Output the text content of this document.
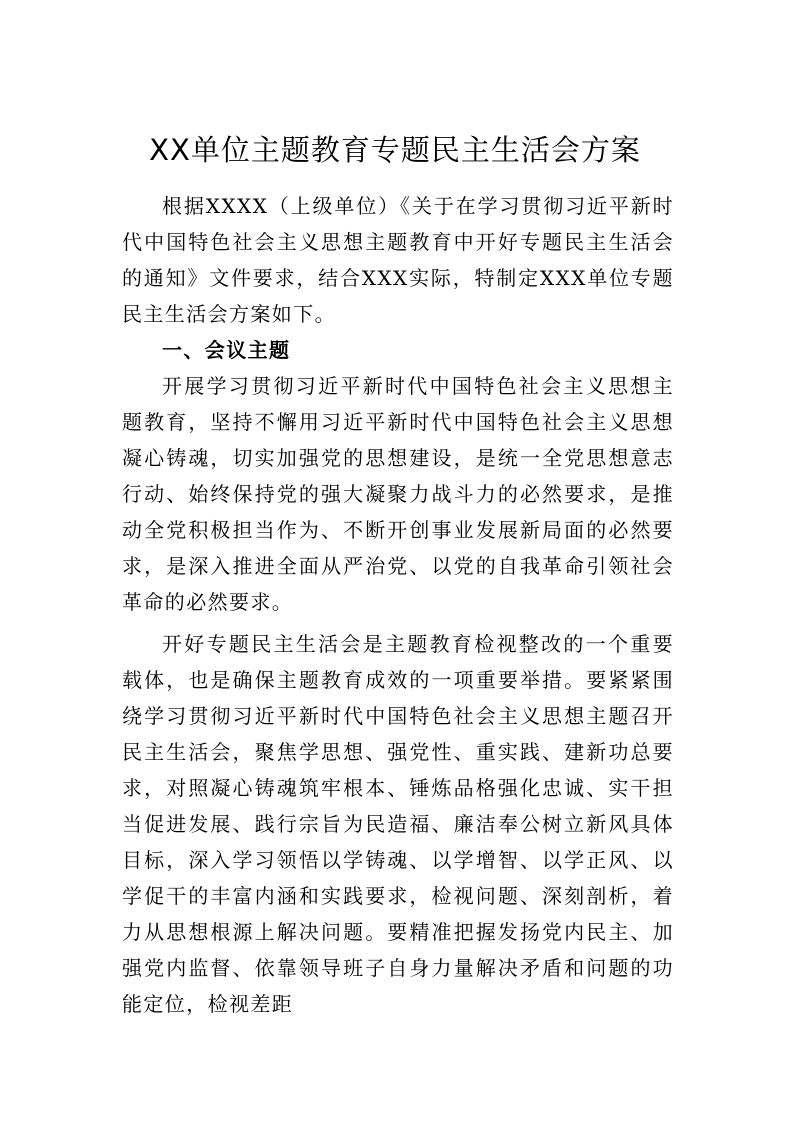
XX单位主题教育专题民主生活会方案

根据XXXX（上级单位）《关于在学习贯彻习近平新时代中国特色社会主义思想主题教育中开好专题民主生活会的通知》文件要求，结合XXX实际，特制定XXX单位专题民主生活会方案如下。

一、会议主题

开展学习贯彻习近平新时代中国特色社会主义思想主题教育，坚持不懈用习近平新时代中国特色社会主义思想凝心铸魂，切实加强党的思想建设，是统一全党思想意志行动、始终保持党的强大凝聚力战斗力的必然要求，是推动全党积极担当作为、不断开创事业发展新局面的必然要求，是深入推进全面从严治党、以党的自我革命引领社会革命的必然要求。

开好专题民主生活会是主题教育检视整改的一个重要载体，也是确保主题教育成效的一项重要举措。要紧紧围绕学习贯彻习近平新时代中国特色社会主义思想主题召开民主生活会，聚焦学思想、强党性、重实践、建新功总要求，对照凝心铸魂筑牢根本、锤炼品格强化忠诚、实干担当促进发展、践行宗旨为民造福、廉洁奉公树立新风具体目标，深入学习领悟以学铸魂、以学增智、以学正风、以学促干的丰富内涵和实践要求，检视问题、深刻剖析，着力从思想根源上解决问题。要精准把握发扬党内民主、加强党内监督、依靠领导班子自身力量解决矛盾和问题的功能定位，检视差距
